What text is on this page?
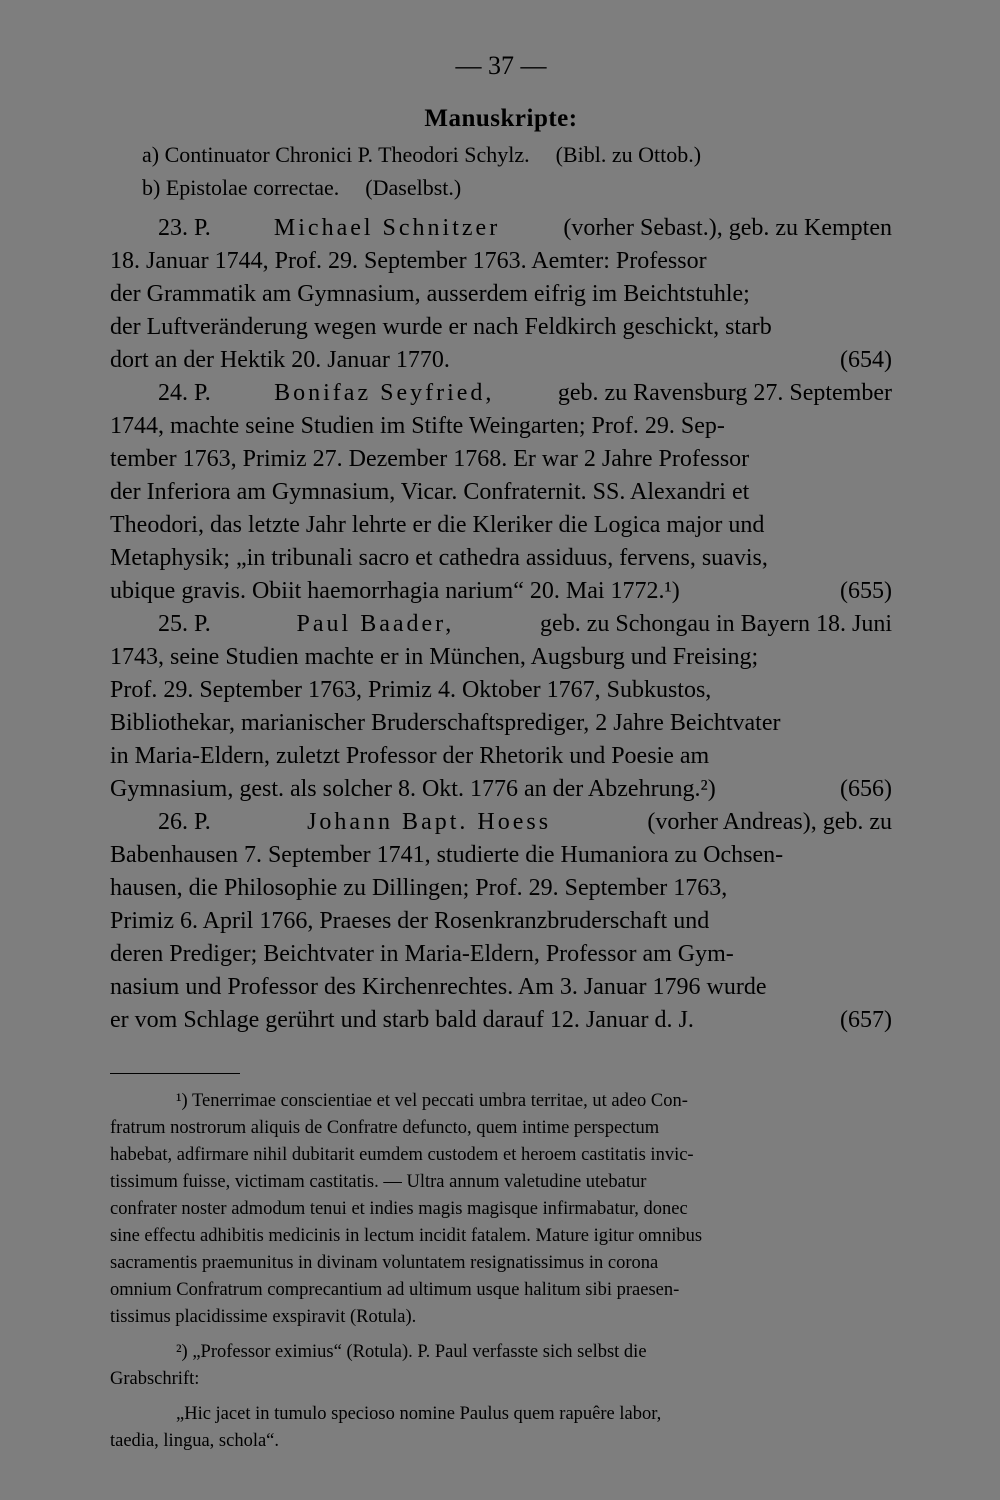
— 37 —
Manuskripte:
a) Continuator Chronici P. Theodori Schylz. (Bibl. zu Ottob.)
b) Epistolae correctae. (Daselbst.)
23. P.	Michael Schnitzer	(vorher Sebast.), geb. zu Kempten
18. Januar 1744, Prof. 29. September 1763. Aemter: Professor
der Grammatik am Gymnasium, ausserdem eifrig im Beichtstuhle;
der Luftveränderung wegen wurde er nach Feldkirch geschickt, starb
dort an der Hektik 20. Januar 1770.	(654)
24. P.	Bonifaz Seyfried,	geb. zu Ravensburg 27. September
1744, machte seine Studien im Stifte Weingarten; Prof. 29. Sep-
tember 1763, Primiz 27. Dezember 1768. Er war 2 Jahre Professor
der Inferiora am Gymnasium, Vicar. Confraternit. SS. Alexandri et
Theodori, das letzte Jahr lehrte er die Kleriker die Logica major und
Metaphysik; „in tribunali sacro et cathedra assiduus, fervens, suavis,
ubique gravis. Obiit haemorrhagia narium“ 20. Mai 1772.¹)	(655)
25. P.	Paul Baader,	geb. zu Schongau in Bayern 18. Juni
1743, seine Studien machte er in München, Augsburg und Freising;
Prof. 29. September 1763, Primiz 4. Oktober 1767, Subkustos,
Bibliothekar, marianischer Bruderschaftsprediger, 2 Jahre Beichtvater
in Maria-Eldern, zuletzt Professor der Rhetorik und Poesie am
Gymnasium, gest. als solcher 8. Okt. 1776 an der Abzehrung.²)	(656)
26. P.	Johann Bapt. Hoess	(vorher Andreas), geb. zu
Babenhausen 7. September 1741, studierte die Humaniora zu Ochsen-
hausen, die Philosophie zu Dillingen; Prof. 29. September 1763,
Primiz 6. April 1766, Praeses der Rosenkranzbruderschaft und
deren Prediger; Beichtvater in Maria-Eldern, Professor am Gym-
nasium und Professor des Kirchenrechtes. Am 3. Januar 1796 wurde
er vom Schlage gerührt und starb bald darauf 12. Januar d. J.	(657)
¹) Tenerrimae conscientiae et vel peccati umbra territae, ut adeo Con-
fratrum nostrorum aliquis de Confratre defuncto, quem intime perspectum
habebat, adfirmare nihil dubitarit eumdem custodem et heroem castitatis invic-
tissimum fuisse, victimam castitatis. — Ultra annum valetudine utebatur
confrater noster admodum tenui et indies magis magisque infirmabatur, donec
sine effectu adhibitis medicinis in lectum incidit fatalem. Mature igitur omnibus
sacramentis praemunitus in divinam voluntatem resignatissimus in corona
omnium Confratrum comprecantium ad ultimum usque halitum sibi praesen-
tissimus placidissime exspiravit (Rotula).
²) „Professor eximius“ (Rotula). P. Paul verfasste sich selbst die
Grabschrift:
„Hic jacet in tumulo specioso nomine Paulus quem rapuêre labor,
taedia, lingua, schola“.
